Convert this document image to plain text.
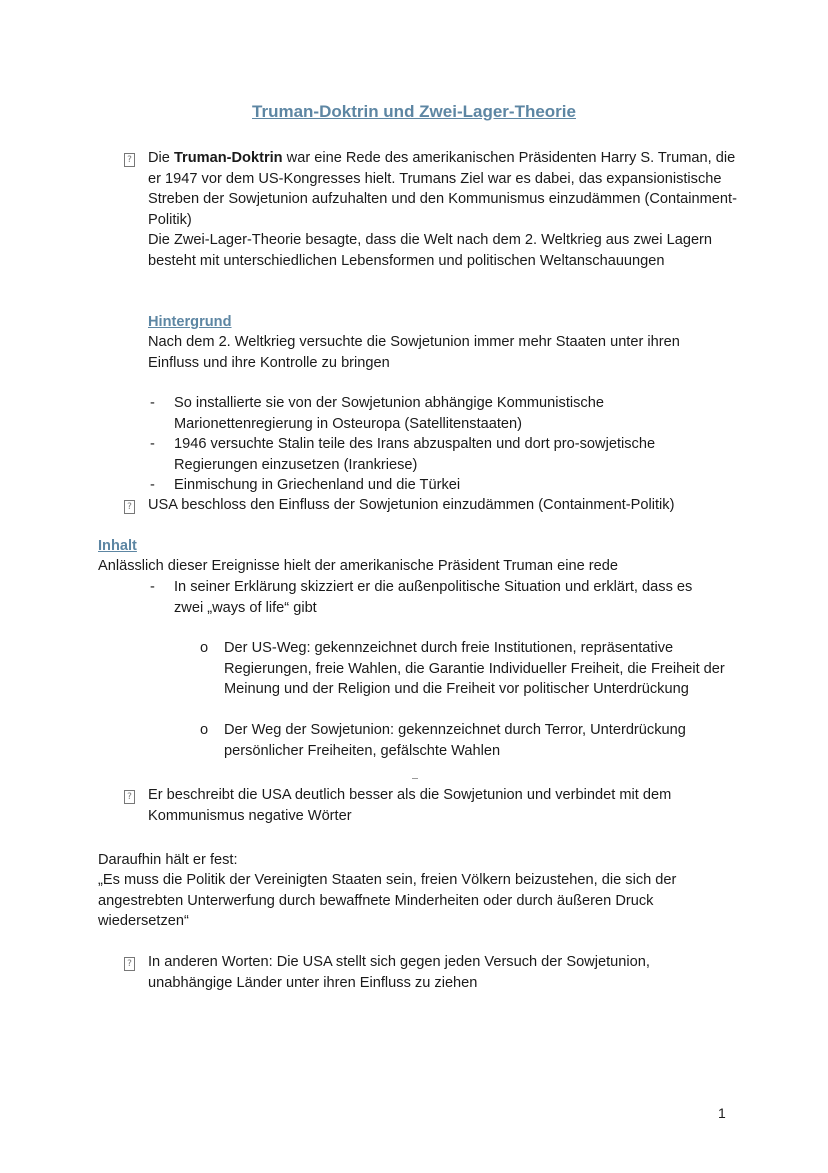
Truman-Doktrin und Zwei-Lager-Theorie
? Die Truman-Doktrin war eine Rede des amerikanischen Präsidenten Harry S. Truman, die er 1947 vor dem US-Kongresses hielt. Trumans Ziel war es dabei, das expansionistische Streben der Sowjetunion aufzuhalten und den Kommunismus einzudämmen (Containment-Politik)
Die Zwei-Lager-Theorie besagte, dass die Welt nach dem 2. Weltkrieg aus zwei Lagern besteht mit unterschiedlichen Lebensformen und politischen Weltanschauungen
Hintergrund
Nach dem 2. Weltkrieg versuchte die Sowjetunion immer mehr Staaten unter ihren Einfluss und ihre Kontrolle zu bringen
- So installierte sie von der Sowjetunion abhängige Kommunistische Marionettenregierung in Osteuropa (Satellitenstaaten)
- 1946 versuchte Stalin teile des Irans abzuspalten und dort pro-sowjetische Regierungen einzusetzen (Irankriese)
- Einmischung in Griechenland und die Türkei
? USA beschloss den Einfluss der Sowjetunion einzudämmen (Containment-Politik)
Inhalt
Anlässlich dieser Ereignisse hielt der amerikanische Präsident Truman eine rede
- In seiner Erklärung skizziert er die außenpolitische Situation und erklärt, dass es zwei „ways of life“ gibt
o Der US-Weg: gekennzeichnet durch freie Institutionen, repräsentative Regierungen, freie Wahlen, die Garantie Individueller Freiheit, die Freiheit der Meinung und der Religion und die Freiheit vor politischer Unterdrückung
o Der Weg der Sowjetunion: gekennzeichnet durch Terror, Unterdrückung persönlicher Freiheiten, gefälschte Wahlen
? Er beschreibt die USA deutlich besser als die Sowjetunion und verbindet mit dem Kommunismus negative Wörter
Daraufhin hält er fest:
„Es muss die Politik der Vereinigten Staaten sein, freien Völkern beizustehen, die sich der angestrebten Unterwerfung durch bewaffnete Minderheiten oder durch äußeren Druck wiedersetzen“
? In anderen Worten: Die USA stellt sich gegen jeden Versuch der Sowjetunion, unabhängige Länder unter ihren Einfluss zu ziehen
1
